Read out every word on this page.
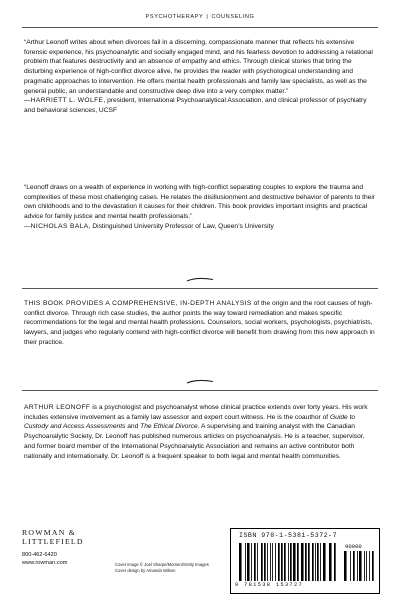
PSYCHOTHERAPY | COUNSELING

“Arthur Leonoff writes about when divorces fail in a discerning, compassionate manner that reflects his extensive forensic experience, his psychoanalytic and socially engaged mind, and his fearless devotion to addressing a relational problem that features destructivity and an absence of empathy and ethics. Through clinical stories that bring the disturbing experience of high-conflict divorce alive, he provides the reader with psychological understanding and pragmatic approaches to intervention. He offers mental health professionals and family law specialists, as well as the general public, an understandable and constructive deep dive into a very complex matter.”

—HARRIETT L. WOLFE, president, International Psychoanalytical Association, and clinical professor of psychiatry and behavioral sciences, UCSF

“Leonoff draws on a wealth of experience in working with high-conflict separating couples to explore the trauma and complexities of these most challenging cases. He relates the disillusionment and destructive behavior of parents to their own childhoods and to the devastation it causes for their children. This book provides important insights and practical advice for family justice and mental health professionals.”

—NICHOLAS BALA, Distinguished University Professor of Law, Queen’s University

THIS BOOK PROVIDES A COMPREHENSIVE, IN-DEPTH ANALYSIS of the origin and the root causes of high-conflict divorce. Through rich case studies, the author points the way toward remediation and makes specific recommendations for the legal and mental health professions. Counselors, social workers, psychologists, psychiatrists, lawyers, and judges who regularly contend with high-conflict divorce will benefit from drawing from this new approach in their practice.

ARTHUR LEONOFF is a psychologist and psychoanalyst whose clinical practice extends over forty years. His work includes extensive involvement as a family law assessor and expert court witness. He is the coauthor of Guide to Custody and Access Assessments and The Ethical Divorce. A supervising and training analyst with the Canadian Psychoanalytic Society, Dr. Leonoff has published numerous articles on psychoanalysis. He is a teacher, supervisor, and former board member of the International Psychoanalytic Association and remains an active contributor both nationally and internationally. Dr. Leonoff is a frequent speaker to both legal and mental health communities.

ROWMAN &
LITTLEFIELD
800-462-6420
www.rowman.com	Cover image © Joel Sharpe/Moment/Getty Images
Cover design by Amanda Wilson
ISBN 978-1-5381-5372-7
90000
9 781538 153727
